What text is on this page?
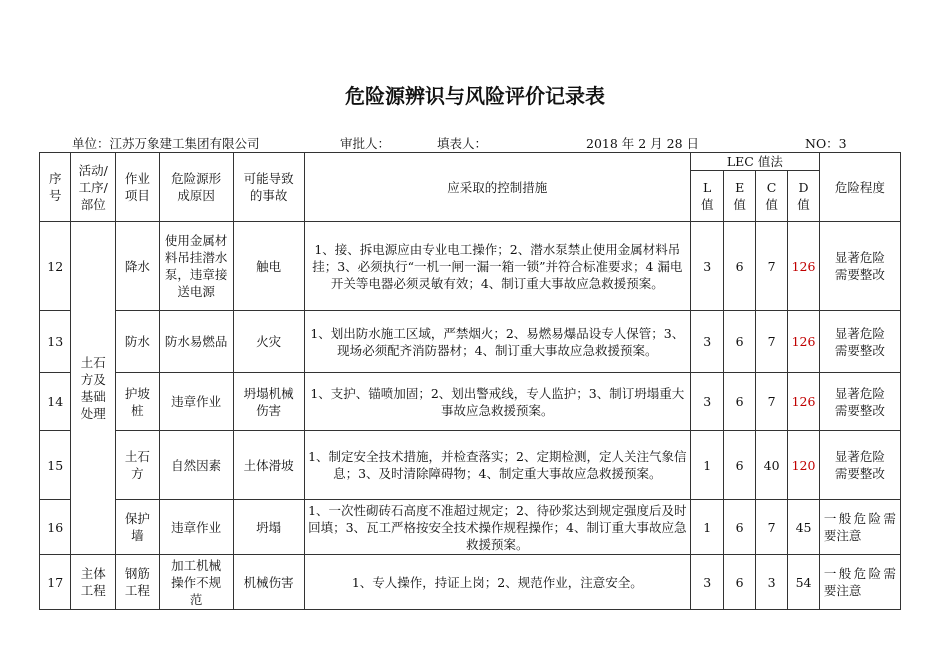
危险源辨识与风险评价记录表
单位：江苏万象建工集团有限公司	审批人：	填表人：	2018 年 2 月 28 日	NO：3
序号	活动/工序/部位	作业项目	危险源形成原因	可能导致的事故	应采取的控制措施	LEC 值法				危险程度
						L 值	E 值	C 值	D 值	
12	土石方及基础处理	降水	使用金属材料吊挂潜水泵，违章接送电源	触电	1、接、拆电源应由专业电工操作；2、潜水泵禁止使用金属材料吊挂；3、必须执行“一机一闸一漏一箱一锁”并符合标准要求；4 漏电开关等电器必须灵敏有效；4、制订重大事故应急救援预案。	3	6	7	126	显著危险需要整改
13		防水	防水易燃品	火灾	1、划出防水施工区域，严禁烟火；2、易燃易爆品设专人保管；3、现场必须配齐消防器材；4、制订重大事故应急救援预案。	3	6	7	126	显著危险需要整改
14		护坡桩	违章作业	坍塌机械伤害	1、支护、锚喷加固；2、划出警戒线，专人监护；3、制订坍塌重大事故应急救援预案。	3	6	7	126	显著危险需要整改
15		土石方	自然因素	土体滑坡	1、制定安全技术措施，并检查落实；2、定期检测，定人关注气象信息；3、及时清除障碍物；4、制定重大事故应急救援预案。	1	6	40	120	显著危险需要整改
16		保护墙	违章作业	坍塌	1、一次性砌砖石高度不准超过规定；2、待砂浆达到规定强度后及时回填；3、瓦工严格按安全技术操作规程操作；4、制订重大事故应急救援预案。	1	6	7	45	一般危险需要注意
17	主体工程	钢筋工程	加工机械操作不规范	机械伤害	1、专人操作，持证上岗；2、规范作业，注意安全。	3	6	3	54	一般危险需要注意
